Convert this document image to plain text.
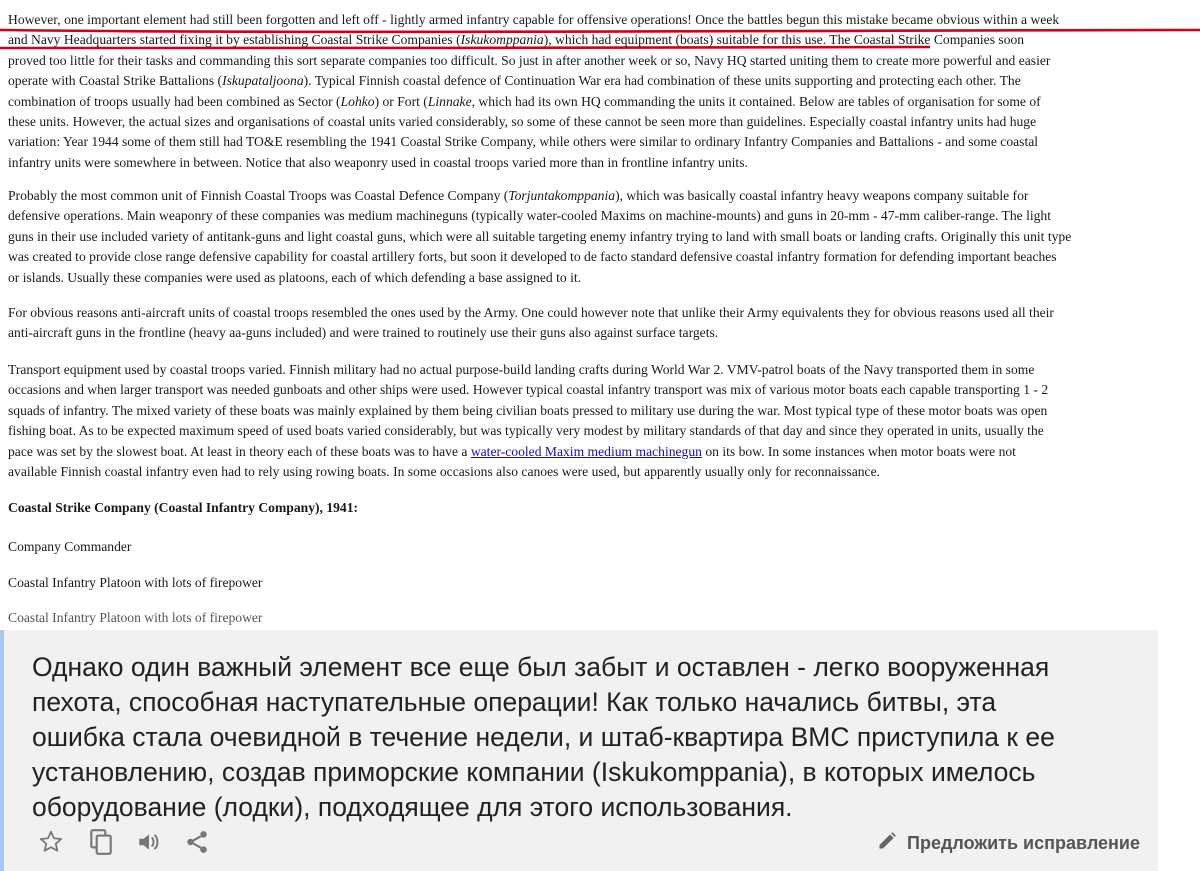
However, one important element had still been forgotten and left off - lightly armed infantry capable for offensive operations! Once the battles begun this mistake became obvious within a week
and Navy Headquarters started fixing it by establishing Coastal Strike Companies (Iskukomppania), which had equipment (boats) suitable for this use. The Coastal Strike Companies soon
proved too little for their tasks and commanding this sort separate companies too difficult. So just in after another week or so, Navy HQ started uniting them to create more powerful and easier
operate with Coastal Strike Battalions (Iskupataljoona). Typical Finnish coastal defence of Continuation War era had combination of these units supporting and protecting each other. The
combination of troops usually had been combined as Sector (Lohko) or Fort (Linnake, which had its own HQ commanding the units it contained. Below are tables of organisation for some of
these units. However, the actual sizes and organisations of coastal units varied considerably, so some of these cannot be seen more than guidelines. Especially coastal infantry units had huge
variation: Year 1944 some of them still had TO&E resembling the 1941 Coastal Strike Company, while others were similar to ordinary Infantry Companies and Battalions - and some coastal
infantry units were somewhere in between. Notice that also weaponry used in coastal troops varied more than in frontline infantry units.
Probably the most common unit of Finnish Coastal Troops was Coastal Defence Company (Torjuntakomppania), which was basically coastal infantry heavy weapons company suitable for
defensive operations. Main weaponry of these companies was medium machineguns (typically water-cooled Maxims on machine-mounts) and guns in 20-mm - 47-mm caliber-range. The light
guns in their use included variety of antitank-guns and light coastal guns, which were all suitable targeting enemy infantry trying to land with small boats or landing crafts. Originally this unit type
was created to provide close range defensive capability for coastal artillery forts, but soon it developed to de facto standard defensive coastal infantry formation for defending important beaches
or islands. Usually these companies were used as platoons, each of which defending a base assigned to it.
For obvious reasons anti-aircraft units of coastal troops resembled the ones used by the Army. One could however note that unlike their Army equivalents they for obvious reasons used all their
anti-aircraft guns in the frontline (heavy aa-guns included) and were trained to routinely use their guns also against surface targets.
Transport equipment used by coastal troops varied. Finnish military had no actual purpose-build landing crafts during World War 2. VMV-patrol boats of the Navy transported them in some
occasions and when larger transport was needed gunboats and other ships were used. However typical coastal infantry transport was mix of various motor boats each capable transporting 1 - 2
squads of infantry. The mixed variety of these boats was mainly explained by them being civilian boats pressed to military use during the war. Most typical type of these motor boats was open
fishing boat. As to be expected maximum speed of used boats varied considerably, but was typically very modest by military standards of that day and since they operated in units, usually the
pace was set by the slowest boat. At least in theory each of these boats was to have a water-cooled Maxim medium machinegun on its bow. In some instances when motor boats were not
available Finnish coastal infantry even had to rely using rowing boats. In some occasions also canoes were used, but apparently usually only for reconnaissance.
Coastal Strike Company (Coastal Infantry Company), 1941:
Company Commander
Coastal Infantry Platoon with lots of firepower
Coastal Infantry Platoon with lots of firepower
Однако один важный элемент все еще был забыт и оставлен - легко вооруженная
пехота, способная наступательные операции! Как только начались битвы, эта
ошибка стала очевидной в течение недели, и штаб-квартира ВМС приступила к ее
установлению, создав приморские компании (Iskukomppania), в которых имелось
оборудование (лодки), подходящее для этого использования.
Предложить исправление
